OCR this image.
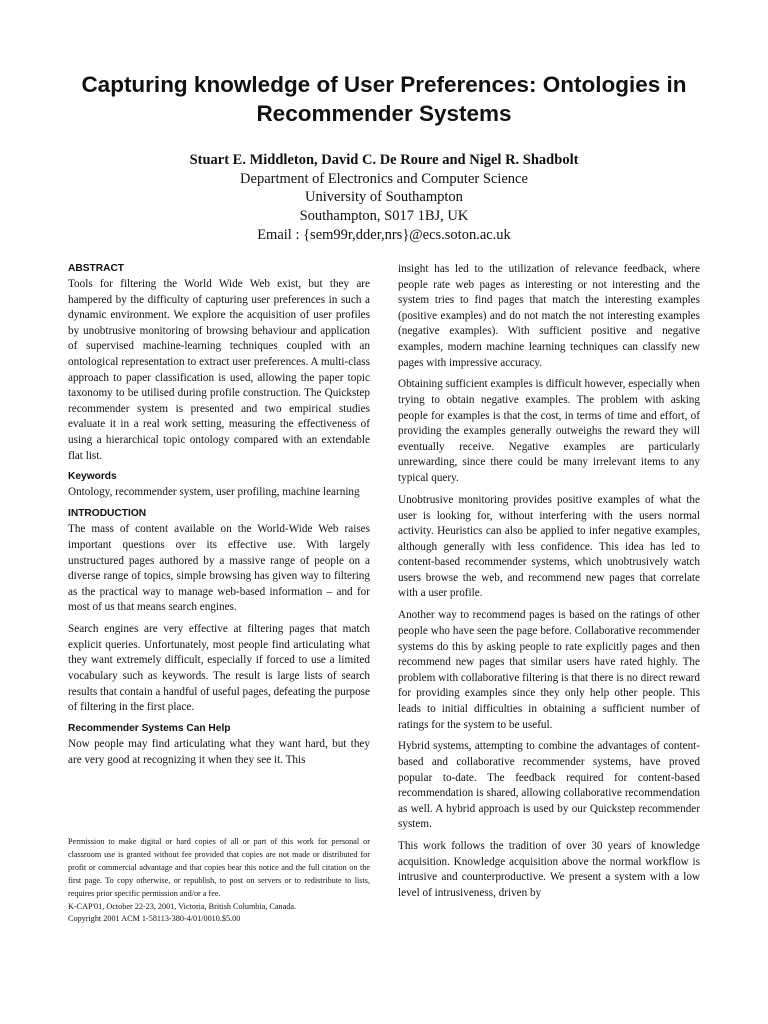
Capturing knowledge of User Preferences: Ontologies in Recommender Systems
Stuart E. Middleton, David C. De Roure and Nigel R. Shadbolt
Department of Electronics and Computer Science
University of Southampton
Southampton, S017 1BJ, UK
Email : {sem99r,dder,nrs}@ecs.soton.ac.uk
ABSTRACT

Tools for filtering the World Wide Web exist, but they are hampered by the difficulty of capturing user preferences in such a dynamic environment. We explore the acquisition of user profiles by unobtrusive monitoring of browsing behaviour and application of supervised machine-learning techniques coupled with an ontological representation to extract user preferences. A multi-class approach to paper classification is used, allowing the paper topic taxonomy to be utilised during profile construction. The Quickstep recommender system is presented and two empirical studies evaluate it in a real work setting, measuring the effectiveness of using a hierarchical topic ontology compared with an extendable flat list.

Keywords

Ontology, recommender system, user profiling, machine learning

INTRODUCTION

The mass of content available on the World-Wide Web raises important questions over its effective use. With largely unstructured pages authored by a massive range of people on a diverse range of topics, simple browsing has given way to filtering as the practical way to manage web-based information – and for most of us that means search engines.

Search engines are very effective at filtering pages that match explicit queries. Unfortunately, most people find articulating what they want extremely difficult, especially if forced to use a limited vocabulary such as keywords. The result is large lists of search results that contain a handful of useful pages, defeating the purpose of filtering in the first place.

Recommender Systems Can Help

Now people may find articulating what they want hard, but they are very good at recognizing it when they see it. This

Permission to make digital or hard copies of all or part of this work for personal or classroom use is granted without fee provided that copies are not made or distributed for profit or commercial advantage and that copies bear this notice and the full citation on the first page. To copy otherwise, or republish, to post on servers or to redistribute to lists, requires prior specific permission and/or a fee.

K-CAP'01, October 22-23, 2001, Victoria, British Columbia, Canada.

Copyright 2001 ACM 1-58113-380-4/01/0010.$5.00

insight has led to the utilization of relevance feedback, where people rate web pages as interesting or not interesting and the system tries to find pages that match the interesting examples (positive examples) and do not match the not interesting examples (negative examples). With sufficient positive and negative examples, modern machine learning techniques can classify new pages with impressive accuracy.

Obtaining sufficient examples is difficult however, especially when trying to obtain negative examples. The problem with asking people for examples is that the cost, in terms of time and effort, of providing the examples generally outweighs the reward they will eventually receive. Negative examples are particularly unrewarding, since there could be many irrelevant items to any typical query.

Unobtrusive monitoring provides positive examples of what the user is looking for, without interfering with the users normal activity. Heuristics can also be applied to infer negative examples, although generally with less confidence. This idea has led to content-based recommender systems, which unobtrusively watch users browse the web, and recommend new pages that correlate with a user profile.

Another way to recommend pages is based on the ratings of other people who have seen the page before. Collaborative recommender systems do this by asking people to rate explicitly pages and then recommend new pages that similar users have rated highly. The problem with collaborative filtering is that there is no direct reward for providing examples since they only help other people. This leads to initial difficulties in obtaining a sufficient number of ratings for the system to be useful.

Hybrid systems, attempting to combine the advantages of content-based and collaborative recommender systems, have proved popular to-date. The feedback required for content-based recommendation is shared, allowing collaborative recommendation as well. A hybrid approach is used by our Quickstep recommender system.

This work follows the tradition of over 30 years of knowledge acquisition. Knowledge acquisition above the normal workflow is intrusive and counterproductive. We present a system with a low level of intrusiveness, driven by
